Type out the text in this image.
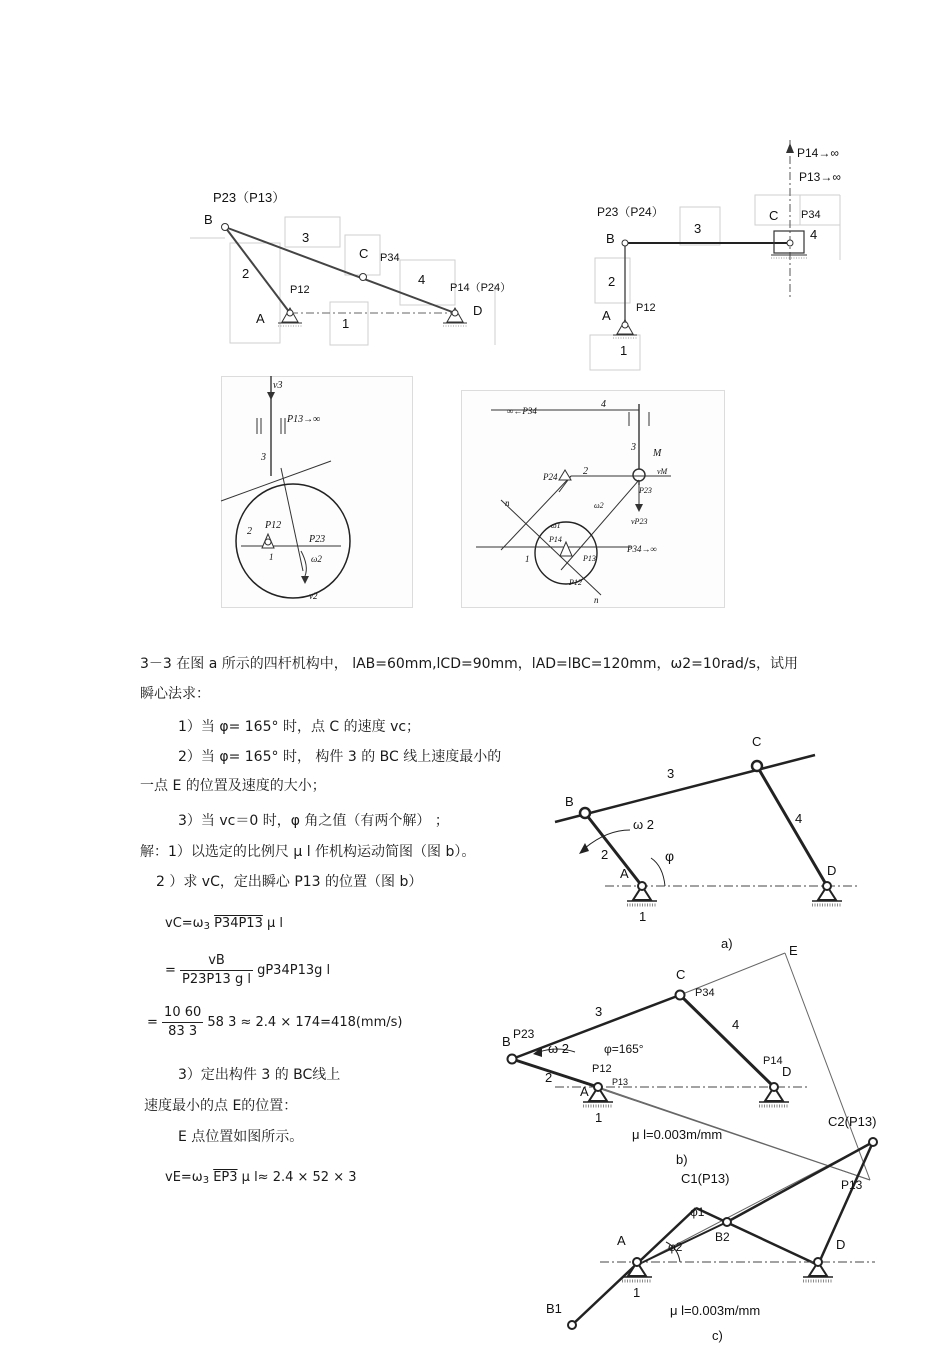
P23（P13）
B
3
2
C P34
4
P12	P14（P24）
A	1
D
P14→∞
P13→∞
P23（P24）	C P34
B
3	4
2
P12
A
1
v3
P13→∞
3
2
P12
P23
1	ω2
v2
∞←P34
4
3
M
vM
P24	2
P23
ω2
vP23
n
ω1
P14
1	P13
P34→∞
P12
n
3－3 在图 a 所示的四杆机构中， lAB=60mm,lCD=90mm，lAD=lBC=120mm，ω2=10rad/s，试用
瞬心法求：
1）当 φ= 165° 时，点 C 的速度 vc；
2）当 φ= 165° 时， 构件 3 的 BC 线上速度最小的
一点 E 的位置及速度的大小；
3）当 vc＝0 时，φ 角之值（有两个解） ；
解：1）以选定的比例尺 μ l 作机构运动简图（图 b）。
2 ）求 vC，定出瞬心 P13 的位置（图 b）
$vC=\omega_3$ P34P13 μ l
= $\frac{vB}{\text{P23P13 g l}} gP34P13g$ l
= $\frac{10 60}{83 3} 58$ 3 ≈ 2.4 × 174=418(mm/s)
3）定出构件 3 的 BC线上
速度最小的点 E的位置：
E 点位置如图所示。
$vE=\omega_3$ EP3 μ l≈ 2.4 × 52 × 3
C
3
B
4
ω 2
2	φ
D
A
1
a)	E
C
P34
3
4
P23
B	ω 2	φ=165°
P12
P14
D
2	P13
A
1
μ l=0.003m/mm
b)
C2(P13)
C1(P13)	P13
φ1
B2
A	φ2	D
1
B1	μ l=0.003m/mm
c)
